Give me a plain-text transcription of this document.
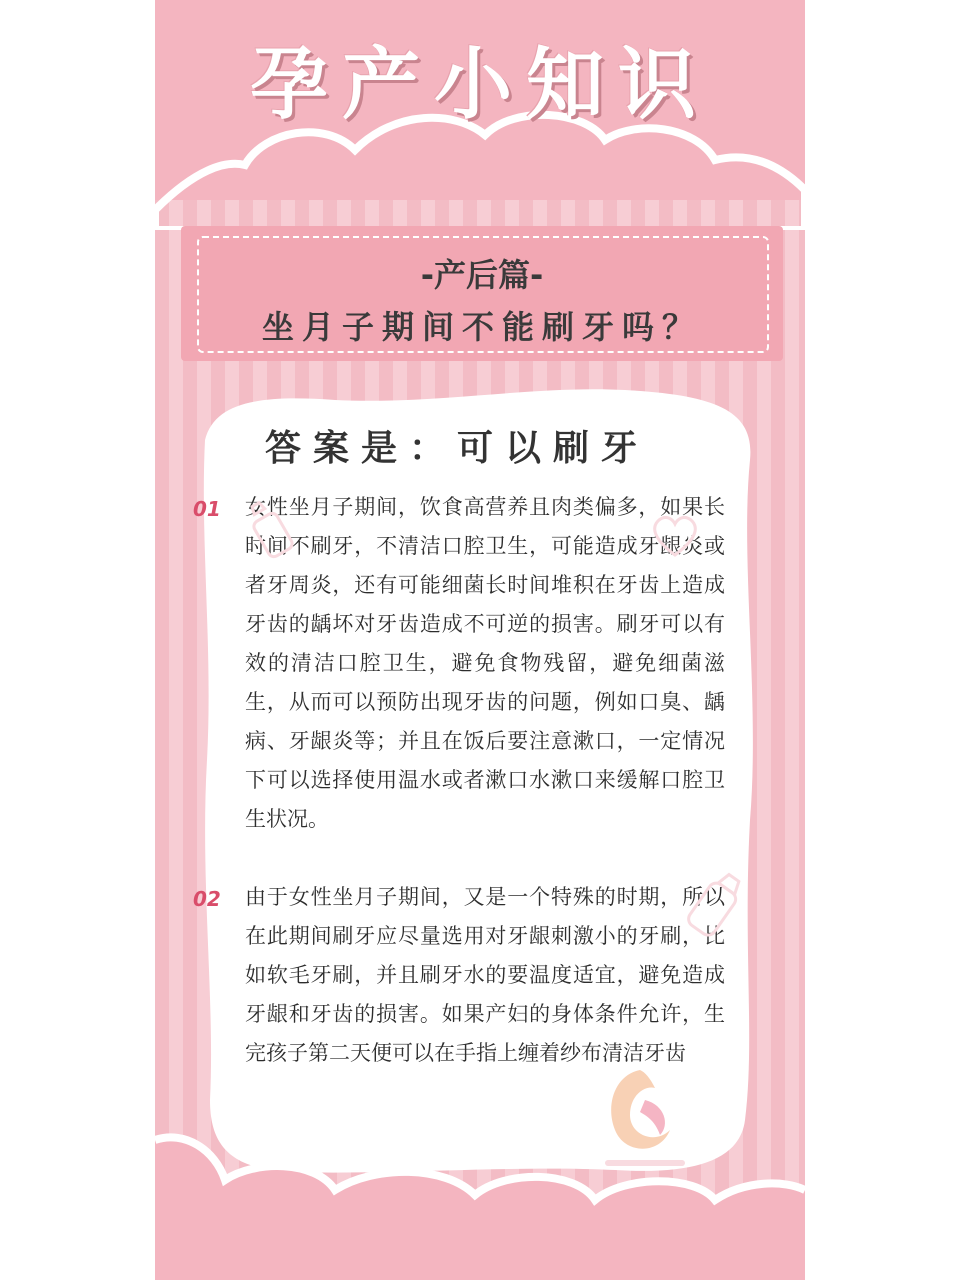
孕产小知识
-产后篇-
坐月子期间不能刷牙吗？
答案是：可以刷牙
01 女性坐月子期间，饮食高营养且肉类偏多，如果长时间不刷牙，不清洁口腔卫生，可能造成牙龈炎或者牙周炎，还有可能细菌长时间堆积在牙齿上造成牙齿的龋坏对牙齿造成不可逆的损害。刷牙可以有效的清洁口腔卫生，避免食物残留，避免细菌滋生，从而可以预防出现牙齿的问题，例如口臭、龋病、牙龈炎等；并且在饭后要注意漱口，一定情况下可以选择使用温水或者漱口水漱口来缓解口腔卫生状况。
02 由于女性坐月子期间，又是一个特殊的时期，所以在此期间刷牙应尽量选用对牙龈刺激小的牙刷，比如软毛牙刷，并且刷牙水的要温度适宜，避免造成牙龈和牙齿的损害。如果产妇的身体条件允许，生完孩子第二天便可以在手指上缠着纱布清洁牙齿
